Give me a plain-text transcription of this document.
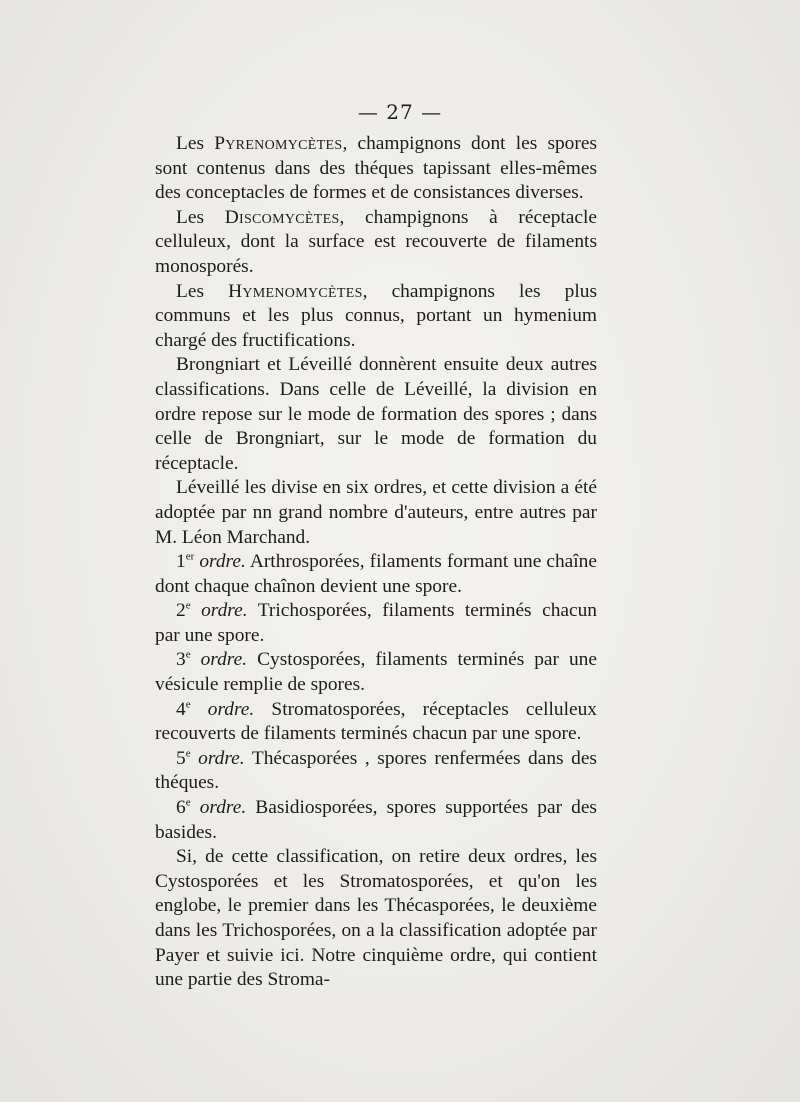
— 27 —

Les Pyrenomycètes, champignons dont les spores sont contenus dans des théques tapissant elles-mêmes des conceptacles de formes et de consistances diverses.

Les Discomycètes, champignons à réceptacle celluleux, dont la surface est recouverte de filaments monosporés.

Les Hymenomycètes, champignons les plus communs et les plus connus, portant un hymenium chargé des fructifications.

Brongniart et Léveillé donnèrent ensuite deux autres classifications. Dans celle de Léveillé, la division en ordre repose sur le mode de formation des spores ; dans celle de Brongniart, sur le mode de formation du réceptacle.

Léveillé les divise en six ordres, et cette division a été adoptée par nn grand nombre d'auteurs, entre autres par M. Léon Marchand.

1er ordre. Arthrosporées, filaments formant une chaîne dont chaque chaînon devient une spore.

2e ordre. Trichosporées, filaments terminés chacun par une spore.

3e ordre. Cystosporées, filaments terminés par une vésicule remplie de spores.

4e ordre. Stromatosporées, réceptacles celluleux recouverts de filaments terminés chacun par une spore.

5e ordre. Thécasporées , spores renfermées dans des théques.

6e ordre. Basidiosporées, spores supportées par des basides.

Si, de cette classification, on retire deux ordres, les Cystosporées et les Stromatosporées, et qu'on les englobe, le premier dans les Thécasporées, le deuxième dans les Trichosporées, on a la classification adoptée par Payer et suivie ici. Notre cinquième ordre, qui contient une partie des Stroma-
